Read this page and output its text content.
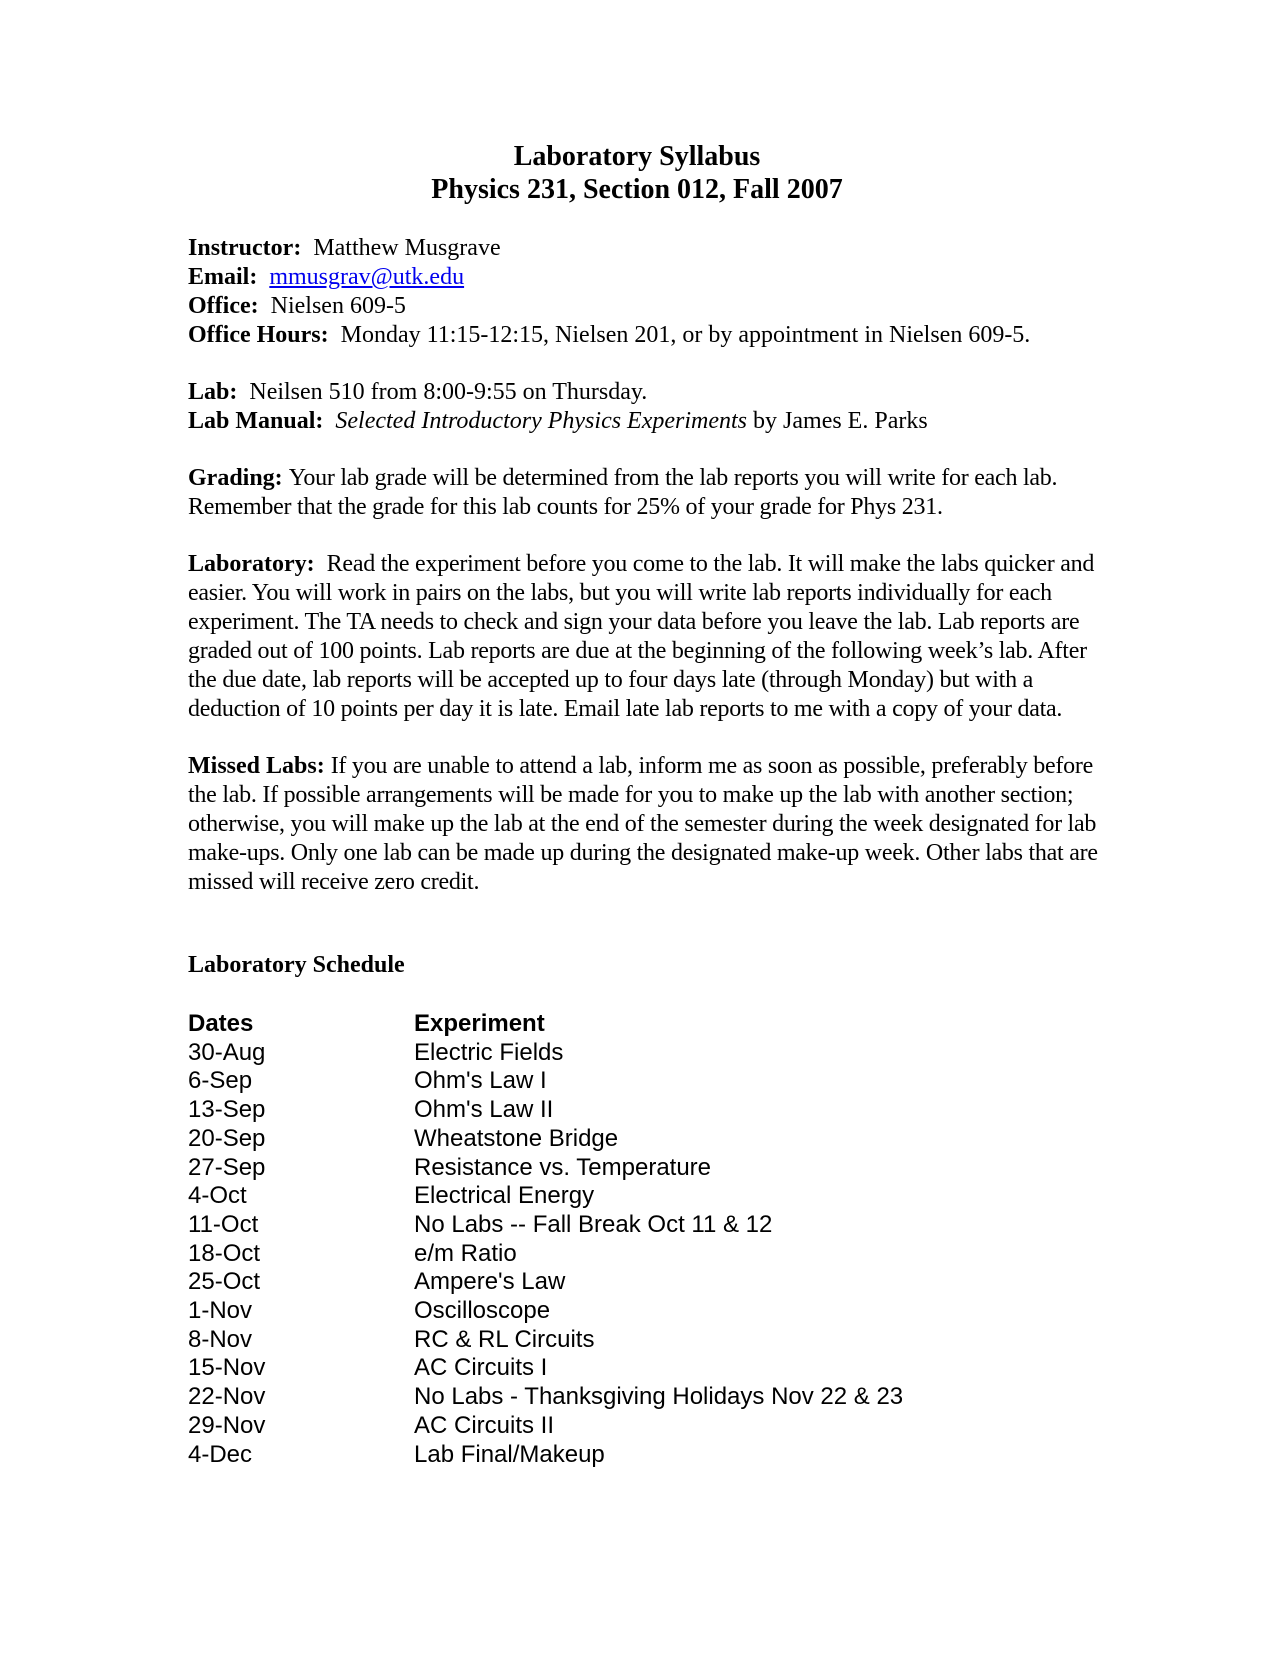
Laboratory Syllabus
Physics 231, Section 012, Fall 2007
Instructor: Matthew Musgrave
Email: mmusgrav@utk.edu
Office: Nielsen 609-5
Office Hours: Monday 11:15-12:15, Nielsen 201, or by appointment in Nielsen 609-5.
Lab: Neilsen 510 from 8:00-9:55 on Thursday.
Lab Manual: Selected Introductory Physics Experiments by James E. Parks
Grading: Your lab grade will be determined from the lab reports you will write for each lab. Remember that the grade for this lab counts for 25% of your grade for Phys 231.
Laboratory: Read the experiment before you come to the lab. It will make the labs quicker and easier. You will work in pairs on the labs, but you will write lab reports individually for each experiment. The TA needs to check and sign your data before you leave the lab. Lab reports are graded out of 100 points. Lab reports are due at the beginning of the following week’s lab. After the due date, lab reports will be accepted up to four days late (through Monday) but with a deduction of 10 points per day it is late. Email late lab reports to me with a copy of your data.
Missed Labs: If you are unable to attend a lab, inform me as soon as possible, preferably before the lab. If possible arrangements will be made for you to make up the lab with another section; otherwise, you will make up the lab at the end of the semester during the week designated for lab make-ups. Only one lab can be made up during the designated make-up week. Other labs that are missed will receive zero credit.
Laboratory Schedule
Dates	Experiment
30-Aug	Electric Fields
6-Sep	Ohm's Law I
13-Sep	Ohm's Law II
20-Sep	Wheatstone Bridge
27-Sep	Resistance vs. Temperature
4-Oct	Electrical Energy
11-Oct	No Labs -- Fall Break Oct 11 & 12
18-Oct	e/m Ratio
25-Oct	Ampere's Law
1-Nov	Oscilloscope
8-Nov	RC & RL Circuits
15-Nov	AC Circuits I
22-Nov	No Labs - Thanksgiving Holidays Nov 22 & 23
29-Nov	AC Circuits II
4-Dec	Lab Final/Makeup
